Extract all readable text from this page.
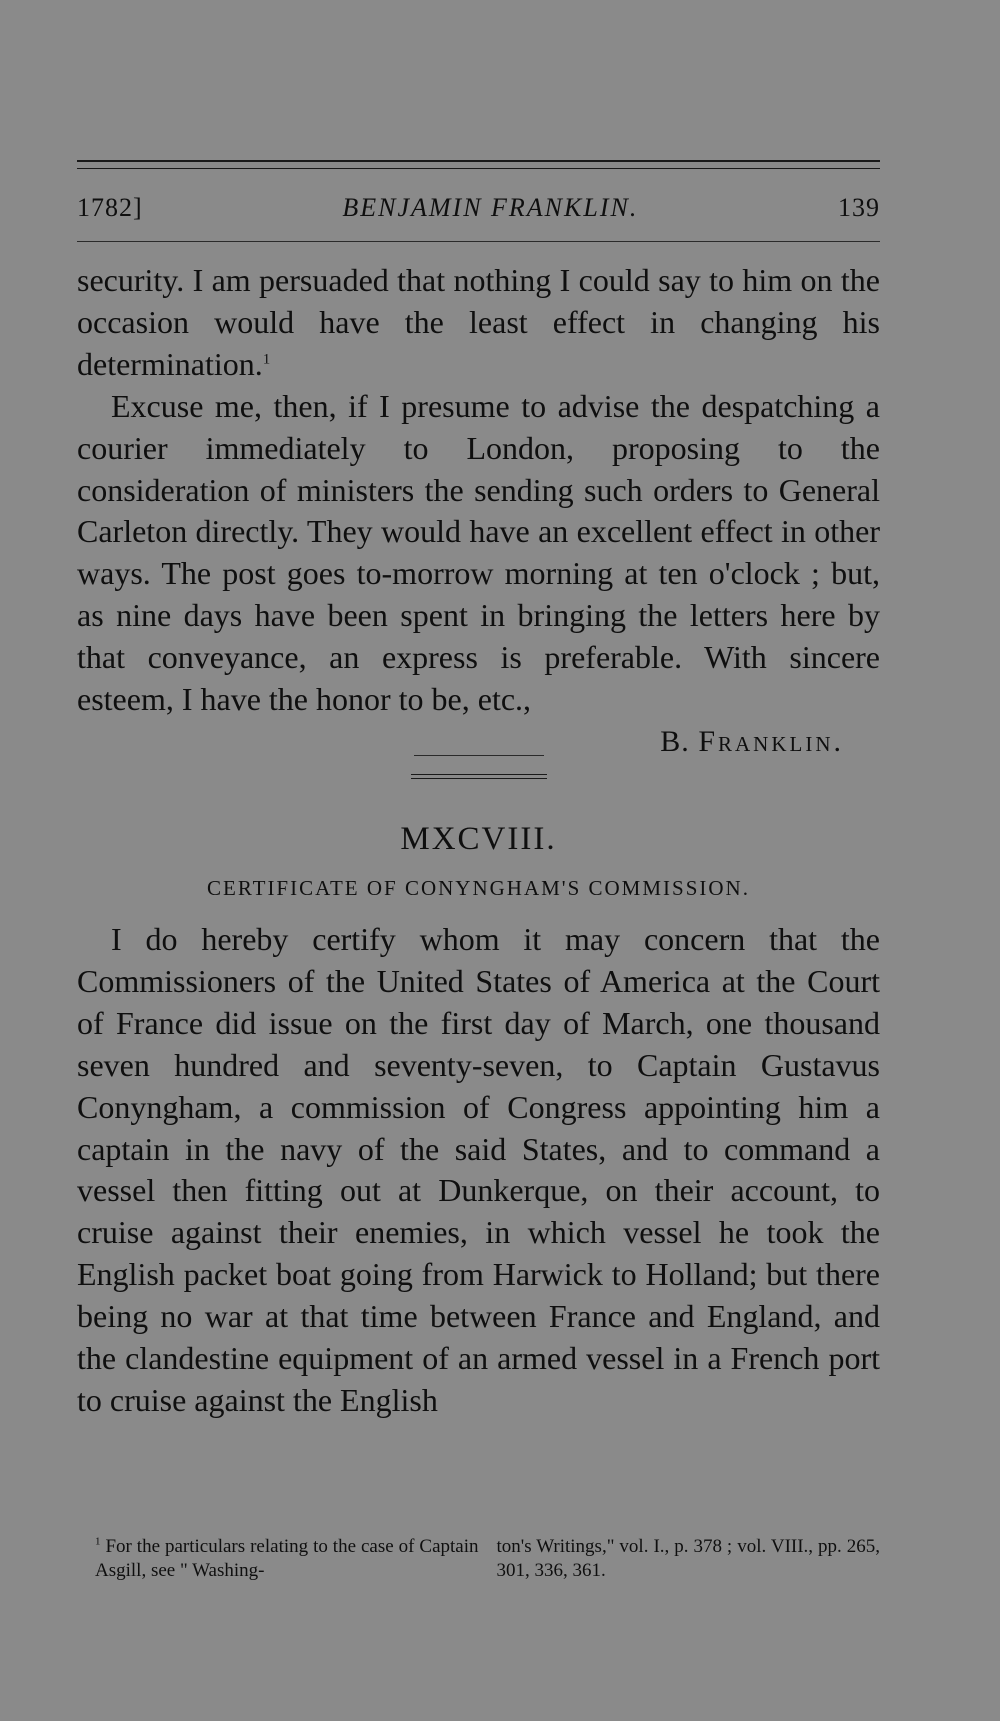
1782]	BENJAMIN FRANKLIN.	139

security. I am persuaded that nothing I could say to him on the occasion would have the least effect in changing his determination.$^1$

Excuse me, then, if I presume to advise the despatching a courier immediately to London, proposing to the consideration of ministers the sending such orders to General Carleton directly. They would have an excellent effect in other ways. The post goes to-morrow morning at ten o'clock ; but, as nine days have been spent in bringing the letters here by that conveyance, an express is preferable. With sincere esteem, I have the honor to be, etc.,

B. Franklin.
MXCVIII.
CERTIFICATE OF CONYNGHAM'S COMMISSION.

I do hereby certify whom it may concern that the Commissioners of the United States of America at the Court of France did issue on the first day of March, one thousand seven hundred and seventy-seven, to Captain Gustavus Conyngham, a commission of Congress appointing him a captain in the navy of the said States, and to command a vessel then fitting out at Dunkerque, on their account, to cruise against their enemies, in which vessel he took the English packet boat going from Harwick to Holland; but there being no war at that time between France and England, and the clandestine equipment of an armed vessel in a French port to cruise against the English

$^1$ For the particulars relating to the case of Captain Asgill, see " Washing-
ton's Writings," vol. I., p. 378 ; vol. VIII., pp. 265, 301, 336, 361.
